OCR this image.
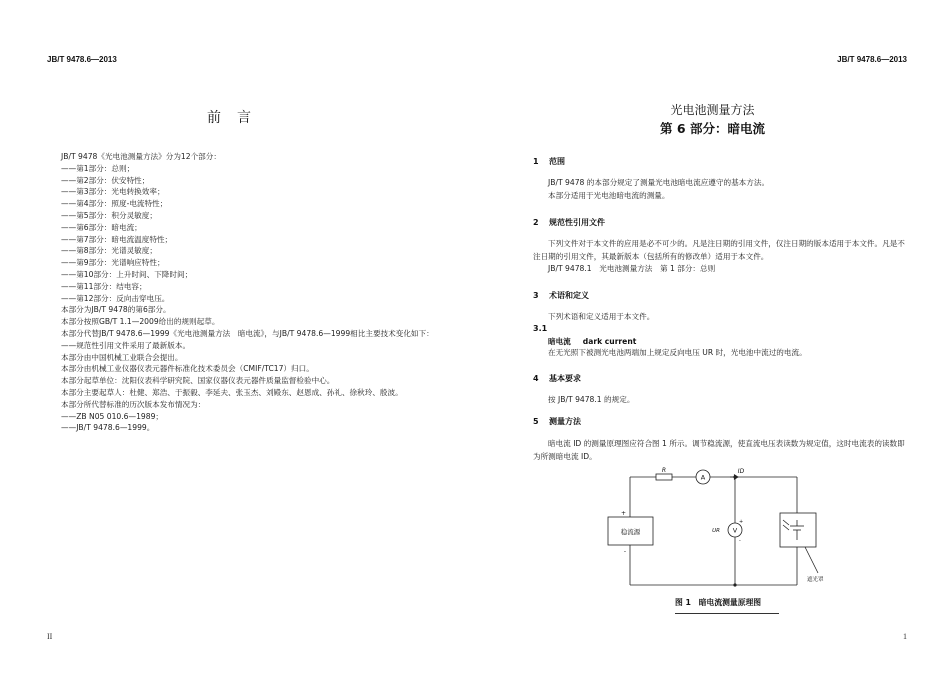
JB/T 9478.6—2013
前　言
JB/T 9478《光电池测量方法》分为12个部分：
——第1部分：总则；
——第2部分：伏安特性；
——第3部分：光电转换效率；
——第4部分：照度-电流特性；
——第5部分：积分灵敏度；
——第6部分：暗电流；
——第7部分：暗电流温度特性；
——第8部分：光谱灵敏度；
——第9部分：光谱响应特性；
——第10部分：上升时间、下降时间；
——第11部分：结电容；
——第12部分：反向击穿电压。
本部分为JB/T 9478的第6部分。
本部分按照GB/T 1.1—2009给出的规则起草。
本部分代替JB/T 9478.6—1999《光电池测量方法　暗电流》，与JB/T 9478.6—1999相比主要技术变化如下：
——规范性引用文件采用了最新版本。
本部分由中国机械工业联合会提出。
本部分由机械工业仪器仪表元器件标准化技术委员会（CMIF/TC17）归口。
本部分起草单位：沈阳仪表科学研究院、国家仪器仪表元器件质量监督检验中心。
本部分主要起草人：杜健、郑浩、于振毅、李延夫、张玉杰、刘殿东、赵恩成、孙礼、徐秋玲、殷波。
本部分所代替标准的历次版本发布情况为：
——ZB N05 010.6—1989；
——JB/T 9478.6—1999。
II
JB/T 9478.6—2013
光电池测量方法
第 6 部分：暗电流
1 范围
JB/T 9478 的本部分规定了测量光电池暗电流应遵守的基本方法。
本部分适用于光电池暗电流的测量。
2 规范性引用文件
下列文件对于本文件的应用是必不可少的。凡是注日期的引用文件，仅注日期的版本适用于本文件。凡是不注日期的引用文件，其最新版本（包括所有的修改单）适用于本文件。
JB/T 9478.1　光电池测量方法　第 1 部分：总则
3 术语和定义
下列术语和定义适用于本文件。
3.1
暗电流 dark current
在无光照下被测光电池两端加上规定反向电压 UR 时，光电池中流过的电流。
4 基本要求
按 JB/T 9478.1 的规定。
5 测量方法
暗电流 ID 的测量原理图应符合图 1 所示。调节稳流源，使直流电压表读数为规定值，这时电流表的读数即为所测暗电流 ID。
稳流源
R
A
ID
V
UR
+
-
+
-
遮光罩
图 1　暗电流测量原理图
1
